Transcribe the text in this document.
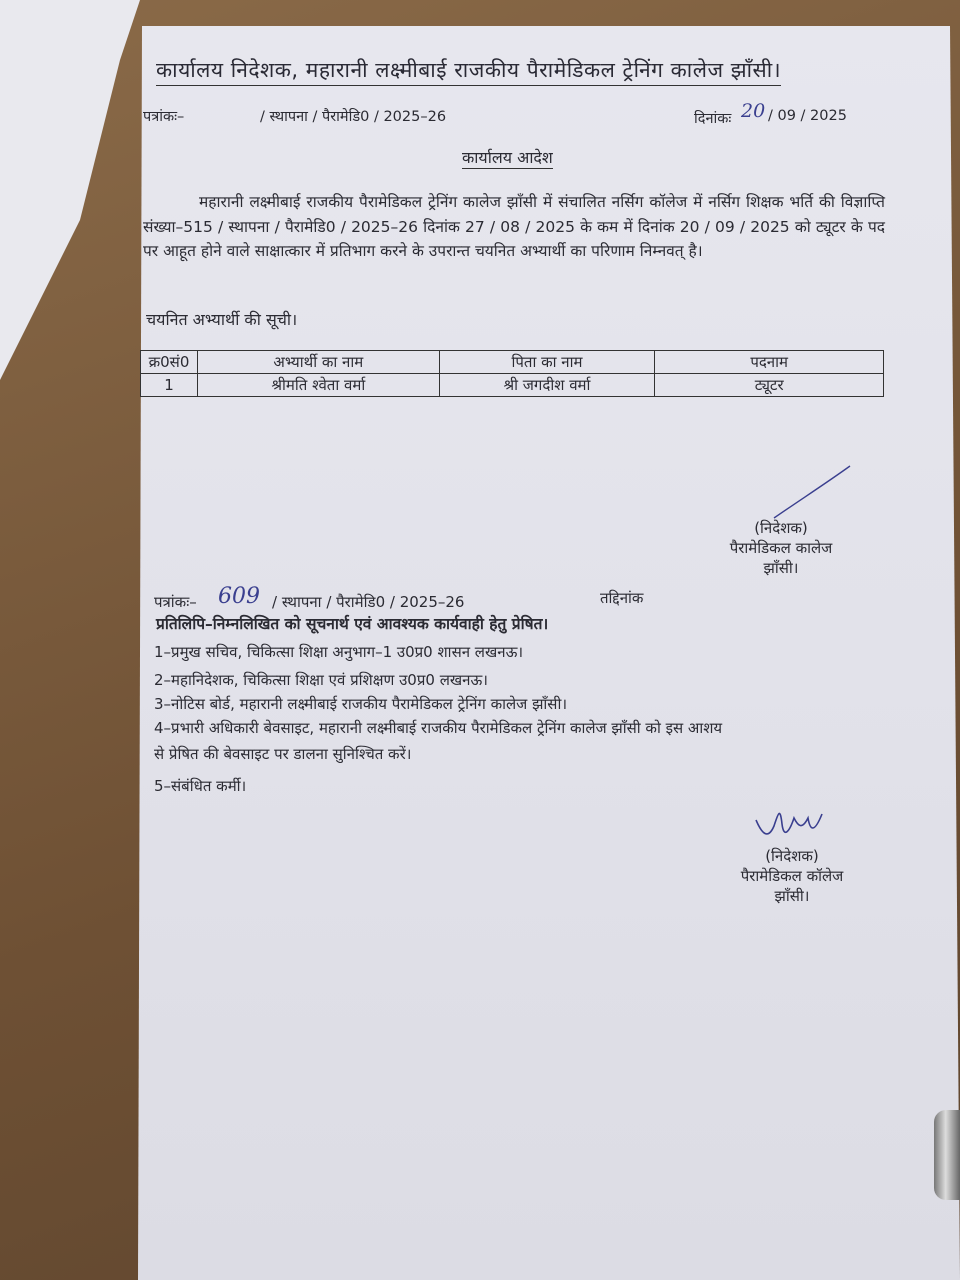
कार्यालय निदेशक, महारानी लक्ष्मीबाई राजकीय पैरामेडिकल ट्रेनिंग कालेज झाँसी।
पत्रांकः–	/ स्थापना / पैरामेडि0 / 2025–26	दिनांकः 20 / 09 / 2025
कार्यालय आदेश
महारानी लक्ष्मीबाई राजकीय पैरामेडिकल ट्रेनिंग कालेज झाँसी में संचालित नर्सिग कॉलेज में नर्सिग शिक्षक भर्ति की विज्ञाप्ति संख्या–515 / स्थापना / पैरामेडि0 / 2025–26 दिनांक 27 / 08 / 2025 के कम में दिनांक 20 / 09 / 2025 को ट्यूटर के पद पर आहूत होने वाले साक्षात्कार में प्रतिभाग करने के उपरान्त चयनित अभ्यार्थी का परिणाम निम्नवत् है।
चयनित अभ्यार्थी की सूची।
क्र0सं0	अभ्यार्थी का नाम	पिता का नाम	पदनाम
1	श्रीमति श्वेता वर्मा	श्री जगदीश वर्मा	ट्यूटर
(निदेशक)
पैरामेडिकल कालेज
झाँसी।
पत्रांकः– 609 / स्थापना / पैरामेडि0 / 2025–26	तद्दिनांक
प्रतिलिपि–निम्नलिखित को सूचनार्थ एवं आवश्यक कार्यवाही हेतु प्रेषित।
1–प्रमुख सचिव, चिकित्सा शिक्षा अनुभाग–1 उ0प्र0 शासन लखनऊ।
2–महानिदेशक, चिकित्सा शिक्षा एवं प्रशिक्षण उ0प्र0 लखनऊ।
3–नोटिस बोर्ड, महारानी लक्ष्मीबाई राजकीय पैरामेडिकल ट्रेनिंग कालेज झाँसी।
4–प्रभारी अधिकारी बेवसाइट, महारानी लक्ष्मीबाई राजकीय पैरामेडिकल ट्रेनिंग कालेज झाँसी को इस आशय
से प्रेषित की बेवसाइट पर डालना सुनिश्चित करें।
5–संबंधित कर्मी।
(निदेशक)
पैरामेडिकल कॉलेज
झाँसी।
